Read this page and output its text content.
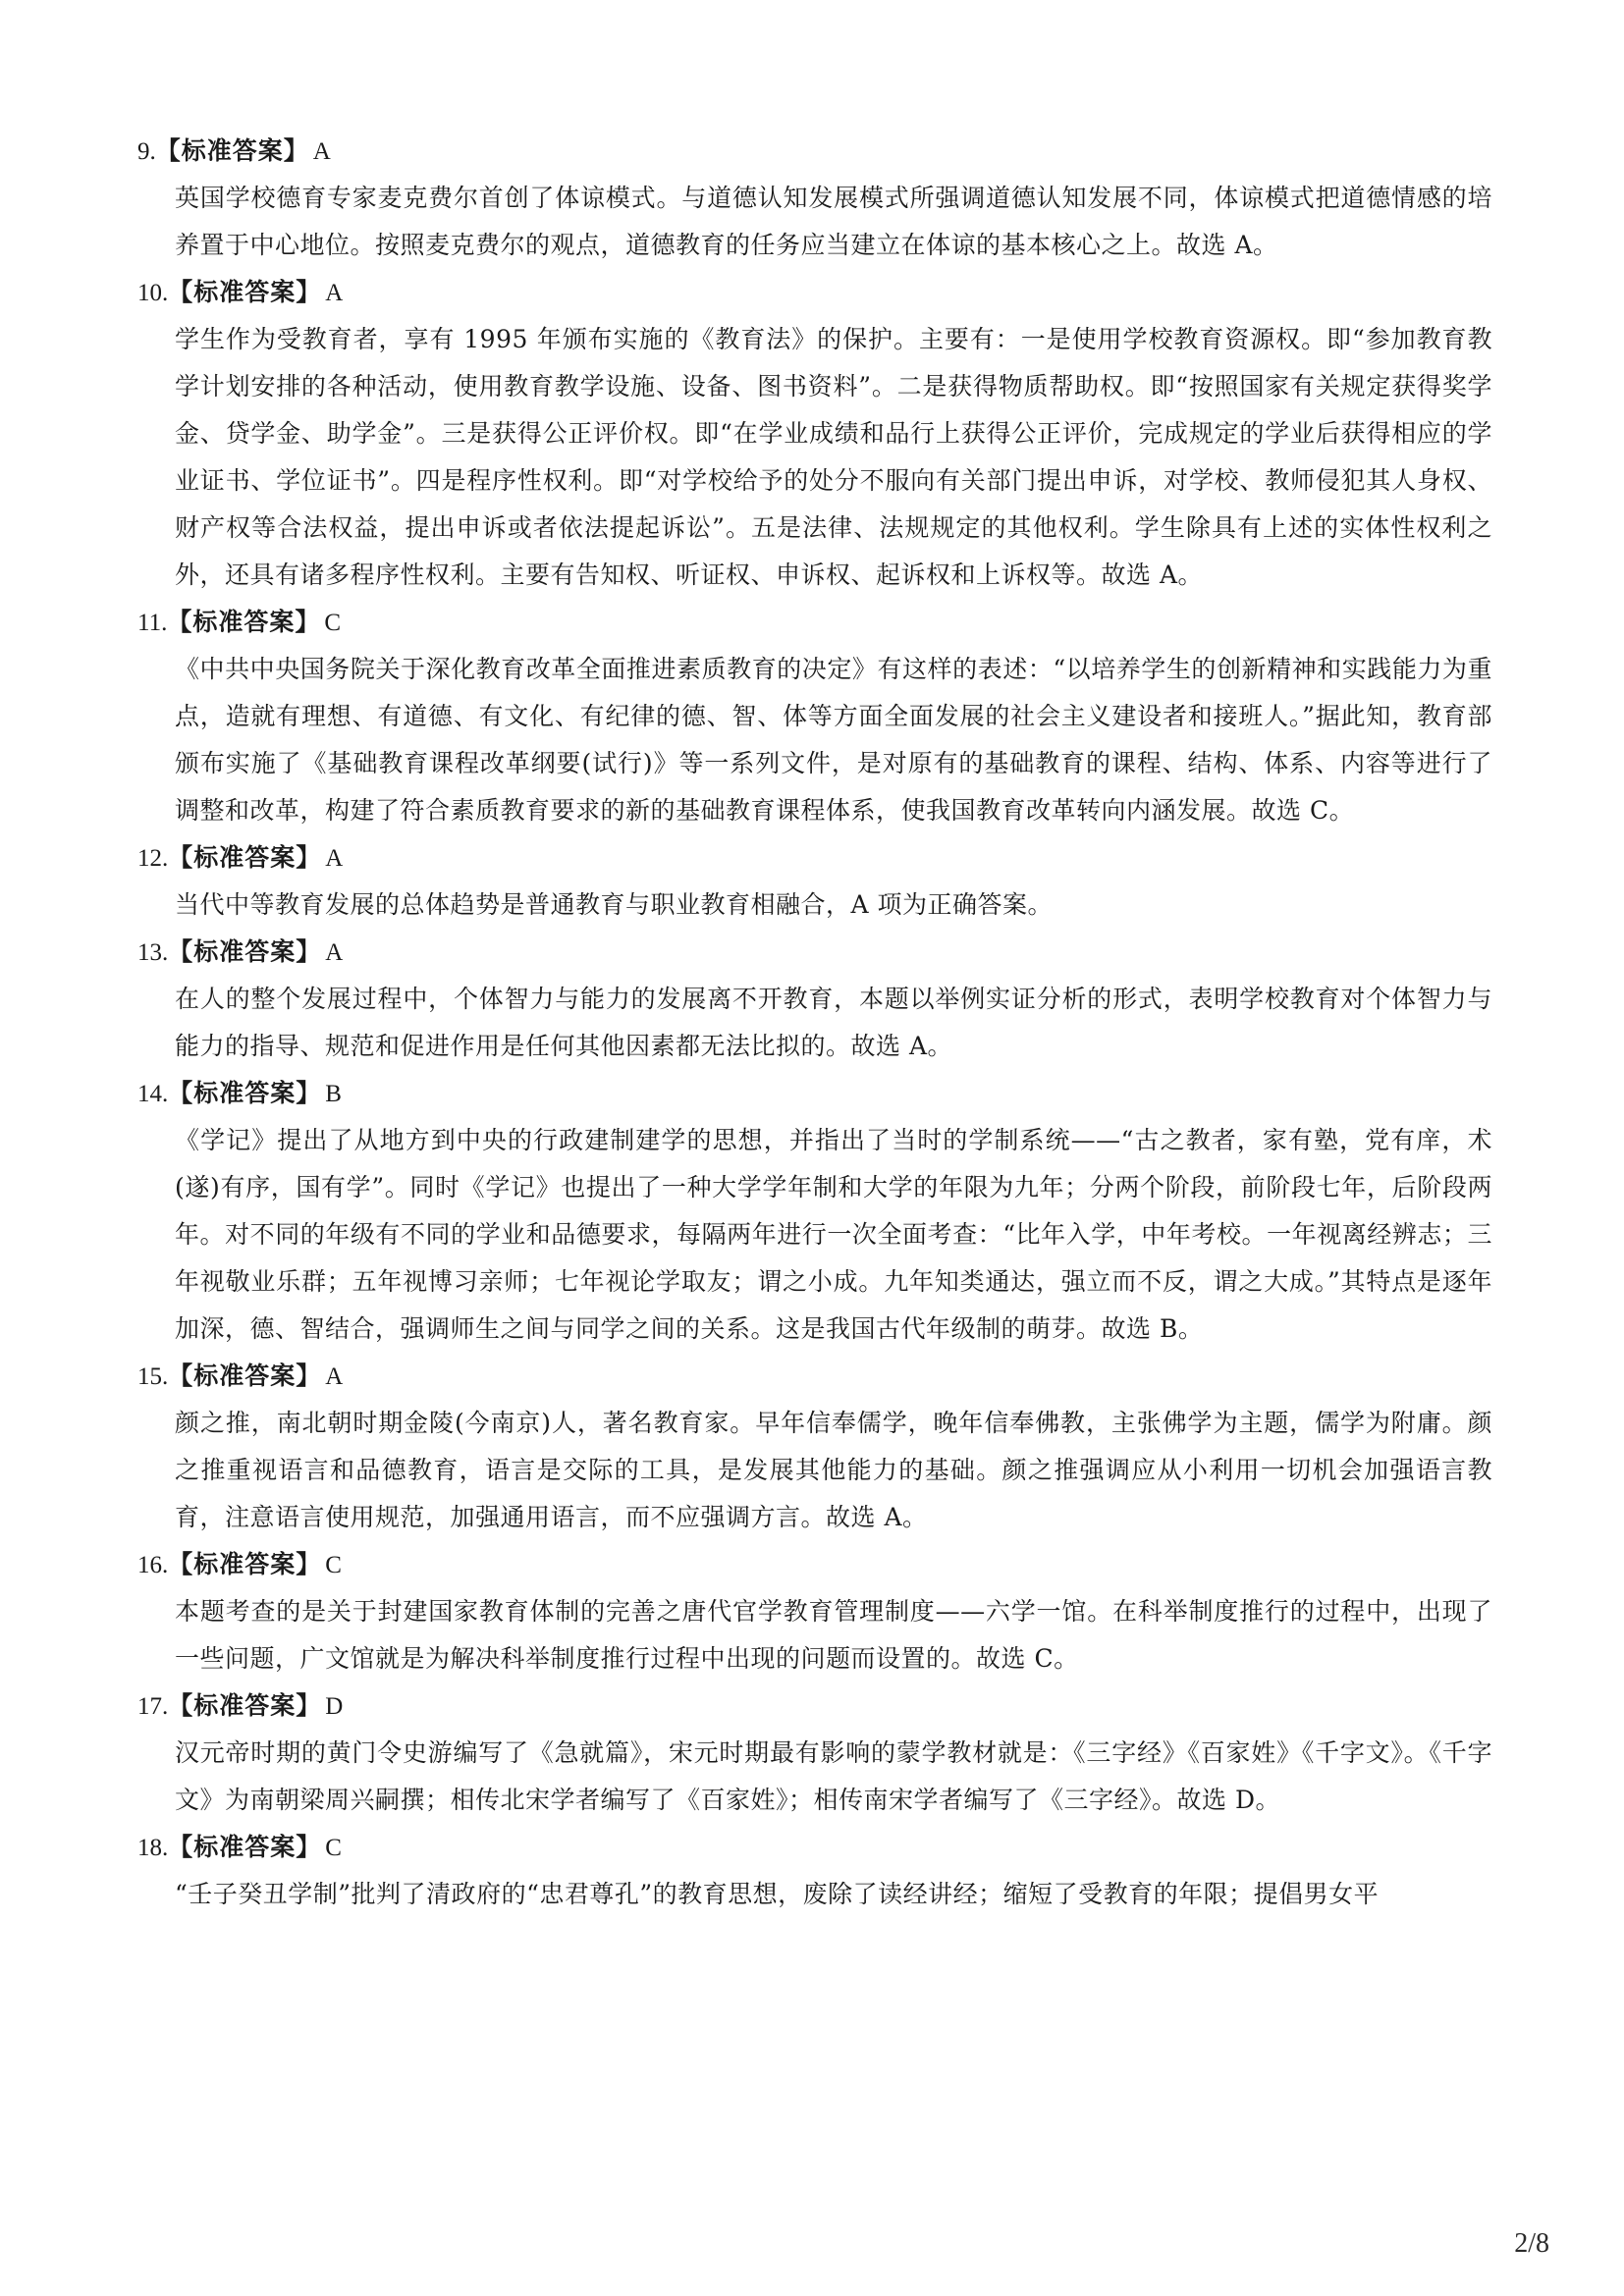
9.【标准答案】 A

英国学校德育专家麦克费尔首创了体谅模式。与道德认知发展模式所强调道德认知发展不同，体谅模式把道德情感的培养置于中心地位。按照麦克费尔的观点，道德教育的任务应当建立在体谅的基本核心之上。故选 A。

10.【标准答案】 A

学生作为受教育者，享有 1995 年颁布实施的《教育法》的保护。主要有：一是使用学校教育资源权。即“参加教育教学计划安排的各种活动，使用教育教学设施、设备、图书资料”。二是获得物质帮助权。即“按照国家有关规定获得奖学金、贷学金、助学金”。三是获得公正评价权。即“在学业成绩和品行上获得公正评价，完成规定的学业后获得相应的学业证书、学位证书”。四是程序性权利。即“对学校给予的处分不服向有关部门提出申诉，对学校、教师侵犯其人身权、财产权等合法权益，提出申诉或者依法提起诉讼”。五是法律、法规规定的其他权利。学生除具有上述的实体性权利之外，还具有诸多程序性权利。主要有告知权、听证权、申诉权、起诉权和上诉权等。故选 A。

11.【标准答案】 C

《中共中央国务院关于深化教育改革全面推进素质教育的决定》有这样的表述：“以培养学生的创新精神和实践能力为重点，造就有理想、有道德、有文化、有纪律的德、智、体等方面全面发展的社会主义建设者和接班人。”据此知，教育部颁布实施了《基础教育课程改革纲要(试行)》等一系列文件，是对原有的基础教育的课程、结构、体系、内容等进行了调整和改革，构建了符合素质教育要求的新的基础教育课程体系，使我国教育改革转向内涵发展。故选 C。

12.【标准答案】 A

当代中等教育发展的总体趋势是普通教育与职业教育相融合，A 项为正确答案。

13.【标准答案】 A

在人的整个发展过程中，个体智力与能力的发展离不开教育，本题以举例实证分析的形式，表明学校教育对个体智力与能力的指导、规范和促进作用是任何其他因素都无法比拟的。故选 A。

14.【标准答案】 B

《学记》提出了从地方到中央的行政建制建学的思想，并指出了当时的学制系统——“古之教者，家有塾，党有庠，术(遂)有序，国有学”。同时《学记》也提出了一种大学学年制和大学的年限为九年；分两个阶段，前阶段七年，后阶段两年。对不同的年级有不同的学业和品德要求，每隔两年进行一次全面考查：“比年入学，中年考校。一年视离经辨志；三年视敬业乐群；五年视博习亲师；七年视论学取友；谓之小成。九年知类通达，强立而不反，谓之大成。”其特点是逐年加深，德、智结合，强调师生之间与同学之间的关系。这是我国古代年级制的萌芽。故选 B。

15.【标准答案】 A

颜之推，南北朝时期金陵(今南京)人，著名教育家。早年信奉儒学，晚年信奉佛教，主张佛学为主题，儒学为附庸。颜之推重视语言和品德教育，语言是交际的工具，是发展其他能力的基础。颜之推强调应从小利用一切机会加强语言教育，注意语言使用规范，加强通用语言，而不应强调方言。故选 A。

16.【标准答案】 C

本题考查的是关于封建国家教育体制的完善之唐代官学教育管理制度——六学一馆。在科举制度推行的过程中，出现了一些问题，广文馆就是为解决科举制度推行过程中出现的问题而设置的。故选 C。

17.【标准答案】 D

汉元帝时期的黄门令史游编写了《急就篇》，宋元时期最有影响的蒙学教材就是：《三字经》《百家姓》《千字文》。《千字文》为南朝梁周兴嗣撰；相传北宋学者编写了《百家姓》；相传南宋学者编写了《三字经》。故选 D。

18.【标准答案】 C

“壬子癸丑学制”批判了清政府的“忠君尊孔”的教育思想，废除了读经讲经；缩短了受教育的年限；提倡男女平

2/8
